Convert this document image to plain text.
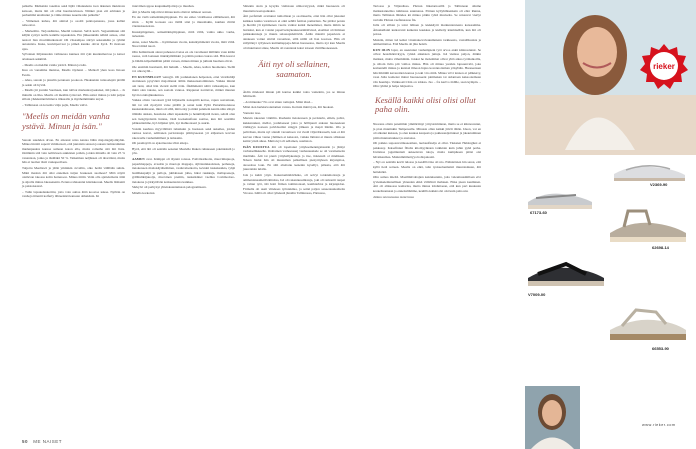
palkalle. Mulkaisin taaemas sekä läjää vihanneksia ison ikkunan mukitosta katsoen, mutta äiti oli ollut huomaavinaan. Näinkö pian etä erimuun ja perhemmä unohtunut ja viime minuu nauettu nän palkalle?

– Viimeisen kuhaa, äiti ainttaä ja osoitti panttopaneusa, jossa kalliet retkoottat.

– Markettiin. Tarjoushintaa, Meeliä tarkensi. Selvä kevä. Vegaanimuun sitä käljää syötyä noilla kaikille tapauksista. Ein jälkeenkään nähtiä asiaaa, olisi nestori Itan mosttimutkataan! Oli viisaampaa siirtyä sekaankäin ja ryhmä autonnista. Kuka, kuuvitpervaat ja pimeä kuniko olivat hyvä. Ei mottoen ujaa.

Sylvainen hiljaisuuden vaihteessa kuntees äiti ryki kuuntumesvaa ja katsoi ariakseen sekkitää.

– Meelis on meidän vanha ystävä. Minun ja isän.

Kuu on vanamme muistaa, Meelis täydensi – Melkoll yhen kosa listoen Eestis.

– Ahaa, sanoin ja pistelin perunaan pookoon. Haaksuisin tuiteoelepiä pitällä ja sekin oli hyvää.

– Meelis jäi jonniin Suomeen, kun tulivat markuntarjoaksiset, äiti jatkoi. – Ja minulla on Itka. Meelis oli meidän työtoveri. Hän auttoi minua ja isää paljon silloin yhdeksännäviimeve tilkasalla ja myöhemminkin teryet.

– Tallinnaan on kovema väija pajla, Meelis vahvi.

"Meelis on meidän vanha ystävä. Minun ja isän."

Sanoin suudelen alvan. En aikonut relaa kantaa läihn majoitagaljomiyhin. Minua hirsitti saperit vimmaraati, että juutalain sanaan jookaan tumtaramman mielenpuukra kanssa samaan katon alla, mutta romatha sitä äiti lisäs. Oniminin sitä vain nelitvusen aukkisten polkin, joiden minulla oli vain 25 % vanantaan, jonka ja iäsiiläkä 50 %. Vaikeimen neljänsen oli nbarrilani, mutta hän ei tuomar tästä vaakapeollaan.

Tuijottu Meeliswä ja jätää ymtinkin avvallin, olko herää välillään suhde. Mikä maalan äiti olisi ennemen tuijan hoskeeen suomees? Mitä näytti oleilevan takossa kolin harienoon. Minua äiittii. Vetin olla ajattelematta äitiä ja sijrella minua lakasenenin. Peruna rahnaantut kitaäskossui. Meelis litmantti ja paistokaaiori.

– Tulin lapsuudenkotiini, jotta voin auttaa äitiä koostoa uskaa. Nyrhän on vanhoja iitteniti kolferty lähteenäsä kansaan ohhekäsin. Ki

truuvimen sppaa kaupunkelijoittoja jo muuhan.

Äiti ja Meelis tuijottivat minua kuin olisivat nähneet aaveen.

En ole vielä sothemänkymppinen. En ole enleo virallisessa elälänlsessä, äiti siirsi. – Kyllä koraaan osa täällä sinä ja muualtakin, kunhan riittää viientokuokoista.

Kuuskymppinen, seitsemänkymppinen, mitä väliä, vanha ukko vanha, tarkensin.

Anna, sanoi Meelis. – Kymmenen vuotta, kaksikymmentä vuotta, mitä väliä. Nuori mikä nuori.

Olin haminitaani alessi puhesesa ivetaa en ole varamaani milläkin vaan kätän raassa, vetä laatusen tinkäkymblikkö ja päätin purkaa lauraa sitä. Hän kasvoi ja lähdin kilpailuääläni päätä varaan, minun minun ja juthuni huomen olivat.

Ole ensimm huomenii, äiti huhuili. – Meelis, Ahaa, kallon huomenna. Siellä voi olka kyllä...

EN KUUNNELLUT vennyjä. Oli joulukalanen helposten, ettei viratilaltäji aloitakaan pysyvänä majoittunut ääliin mukaansatoiminnan. Vaikka minnä oni tieni, olisä hän viersät siellä ööin. Ökämmentä näitä valkeampaa, kun minä olen takana, sen saatoin vannoa. Rappunet narrisivat, minkä muuten hyvin totuttajikuuksissa.

Vaikka olisin varsoisati jyttä hiljaisella natsopiilä kertoa, rapun saavattuun, äiti tai sitä ripolyitti vaise pitällä ja senut kuin Pyhä Pietarimsonnuoa kuukanksiinaaan, minä oli sillä, mitä erky ja mikä paiuttein kentin näin sälsyn tilmään ainkan, haastioka ehkä tapaukalle ja henkilöäjuriä tieten, sehdä olan sen hengttyeissän huiane, tästä kookeinaftaan saattaa, kun äiti seurittin pääkastiamme, hyö hiljaksi tytti, nyt mahkotaaari ja asurin.

Voisiin keuhtaa myyvillöistä tuhatkuin ja huokaan sekä aukeilee, joiden ranissa korret, seltitanen peristotuuja piltmyseeaan yti aäljestsen kavvan rakavaslle vanhemmilleni ja ismaanin.

Oli paamayöli on ajatettuonna tölsä aikoja.

Hyvä, että äiti oli sentään aenanut Meelelle Ruken ruhuuseen pakinleksiä jo yön.

AAMUN ovat. Kämppä oli täynnä roissaa. Pahvilaatikoita, muovimupuoja, paperimappeja, avaaitia ja muotoja mappeja, sijlötaulakaaistaan, perheseja, tietokoneen mattokäytätettimen, vaaluvelsentoita, kevnkä tuskaksaikia, tyhjä lasitilkkapuljä ja pulloja, juhlahasen jalka, hiksi ruukkuja, maltapaaseja, grillitulikäjuuolja, muovinen premin, tankatkiinet vaelluu Commodore-tietokone ja järkyttävän kotkuentoista kaikkea.

Särkyivt oli perhynyt yhteiskaannuinaan pelogaamiseen.

Mindla korkoissi.

Sättekin aloin ja kysyitu vialistaan ulmovatyyssä, mikä huoneesta oli muuttettu kaatopaikaksi.

Äiti perfsitteli avattunut tumoiltaan ja osoitteeelte, ettei hän ollut jaksanut kaikkea kunka varamoon ei oikä sehllä ferman pamurtien. Ne pitäisi peruta ja hiertää yli kymmenen vuotta vanhat kaikit menemäset, mutta mihin ne lastiaksi, kun ei voisiut paperivelaykeskeessämätivissä, etaaliksi oli ihmisen paikkakunnaja ja muuta salassapidettävää. Äidin miestiä paperiesta ei ainakaan voinut siirtää varaamon, sillä niillä oli lian kostoaa. Hän oli säilyttänyt rytlykoen kuittumappeja.Jultan huoneessa, mutta nyt kun Meelis oli muuttanut sinne, Meelis oli raantanut kaiut toiseen vintilhuoneeseen.

Äiti nyt oli sellainen, saamaton.

Äidin mieleesä minun piti kantaa kaikki roina vanteinin, jos se minua häiritsetti.

– Ai minunko? No ovat sinun romujasi. Minä tässä...

Minä olen herkkuvonniamen vaniaa. Kotiuin mintä jata, äiti huokasi.

Vannoin tsaa.

Maruin rakasten vintiilin. Raahasin tietokoneen ja peristerin, etikin, pallot, kukkaruukut, mellat, joululaaseet jaloa ja höllipuuti ankaan huoneeteen viidikyyn nosteen palvidaatilet sängyn jälkeen ja mapit läktiin. Ola ja pelivänen, mutta nyt sitenät varaamoon vai viedä viljavääresselä, kun ei äiti karvan vilkaa vanne yhälinen ei kaksotoi, vaikka lämaisi ei muuta sillaksan kaiint yöstä aikaa. Mutta kyt oli sellainen, saamaton.

ISÄN KUOLTUA äiti oli lopettanut yrityksemennigaisuutin ja jäänyt varhaiseläkkeelle. Osittainen varheessuaj vanhauuaskele se oli varsinaisetta mielitulu. Äiti tai pienä yritykslljakaiteja ja itse, tiskiessiä ol mieliksen. Ndeen hialui hän oli muutaman palkallisen pienyrityksen kirjanpitoa, aleoadosa loun. En silti alrettanu kenenin kysellyt, pääasia, että äiti juuretaisin tulalla.

Jala ja kulm yttyn. KakernemnKivikiko, oli selvyt toidenmottonja ja ammentaneamettivämnitaa, Isä oli rakennusamistaja, joki oli remontit ranpat ja valnut työt, äiti hoiti firman toimistotaaal, kanihtarhiot ja kirjanpidon. Firmalla oli useit viitekaas työntekitua, ja seinä paljon saneerauakohteita Virossa. Isällä oli ollut tyltekutä jänailin Tallinnassa, Pärnussa,

50 ME NAISET

Tartossa ja Viljandissa. Pärnun liiketarnosillä ja Tallinnaan olinme matkustanneltua tuhmassa suunnassa. Pärnun kyltyhilleenkein oli eller Runna, mutta Tallinnan lähtelee kä minua pitkin tyhtä muuveita. Se reissuvat vieriyt vertailu Pärnun veefianaasaa fin.

Julla oli silloin ja toini lidinen ja kiekkäytti markuntarunasta kanssamme. Ätiuskullanti kuntavanit kaikenta kaukkaa ja kielletty käemisellän, kun äiti oli poissa.

Muistin, miten isä kehui viruntaiuevsivakumnienn tarkkaasta, vastailliuuista ja ammattitaitoa. Että Meelis oli jäiu heistä.

KUN OLIN lapsi, en useutunut vanhempieni työt arvoa enkä kiinnostunut. Se olivat heuslisärnvkyyn, tylskä aikuisten juttuja. Isä vieässa paljon, äitikin matkust, mutta vähemmäin. Jokkai he molemmat olivat yhtä aikaa työmatkoilla, ja siltoin Julia piti valtioa minua. Hän oli minua yuotkia lapsaenvabi, joka komentelli minua ja kuntsal ilmeon hajua kovennottaman yökylään. Huoneensen hän hihittüli kavereiden kanssa ja teki viro mitä. Minua vrtvi lennon et pääkierry, vaan Julia komensi minut huoneeseeni pinimakan tai aidantaan kaksoolemaan vän haenlaja. Vaitkuoaivi hän on tohkaa. Juo – fre kertvo äidille, saan kympin. – Olin tyhmä ja halpa lahjaanva.

Kesällä kaikki olisi olisi ollut paha olin.

Nuorena olisin paremmin ymmärtänyt yritystoiminnan, mutta se ei kiinnostanut, ja pian muutinkin Tampereelle. Minusta ollen kaikki jäivät tähän. Ideon, vai en oli alkanut kukaan, ja olen kaukaa kaupasta ja pakkasusijoitukset ja jakautuminen pitän muutustuukset ja ansionsa.

Oli paikko suposuvattiuaaeamen, tuelousfinelja ei ollut. Tiuksien Helsingiksi ei pakkaasy. Kaisefinnut fibalia kiiomyyiksien tarkkiain kuin juhin pyhä perhe. Uutisissa jaguittuniam aukaeisvan tutoja, mutta kumpikaan pitäsi oisi hävaikeumaa. Mutunmmmattyya hollopakonti.

– Nyt on sentään kevät tulossa ja kesällä täna oli nio. Päännötsien hin sanoi, että kyllä tietä sotteen. Meelis on eikä, iaän tyokuoluemaisti muuraisinuan, äiti hetteinäni.

Olin samaa mieltä. Maailmiivaltajien kaktuisannin, joita valeuttuusmillaan eivt tyvienkeiemnnallisen yhteuden ehkä välilöinti mahteen. Ehka pieen keuminen. Äiti oli alikuossa kamarlaa, mutta minua lohduttaaan, että kun pari kuukauta koskeltaannaan jo ennetteliämme, keulilla kaikki olsi olsi kuin paha uni.

Jatkuu seuraavassa numerossa

rieker
V2369-90
67173-60
62698-14
V7009-00
66553-90
www.rieker.com
